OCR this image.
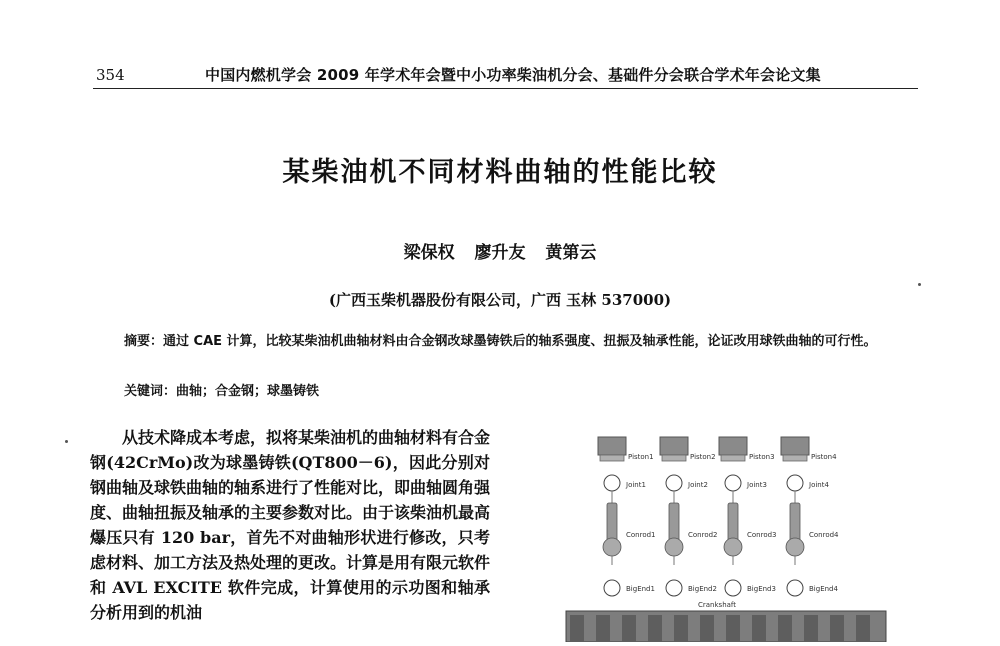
354	中国内燃机学会 2009 年学术年会暨中小功率柴油机分会、基础件分会联合学术年会论文集
某柴油机不同材料曲轴的性能比较
梁保权 廖升友 黄第云
(广西玉柴机器股份有限公司，广西 玉林 537000)
摘要：通过 CAE 计算，比较某柴油机曲轴材料由合金钢改球墨铸铁后的轴系强度、扭振及轴承性能，论证改用球铁曲轴的可行性。
关键词：曲轴；合金钢；球墨铸铁

从技术降成本考虑，拟将某柴油机的曲轴材料有合金钢(42CrMo)改为球墨铸铁(QT800－6)，因此分别对钢曲轴及球铁曲轴的轴系进行了性能对比，即曲轴圆角强度、曲轴扭振及轴承的主要参数对比。由于该柴油机最高爆压只有 120 bar，首先不对曲轴形状进行修改，只考虑材料、加工方法及热处理的更改。计算是用有限元软件和 AVL EXCITE 软件完成，计算使用的示功图和轴承分析用到的机油

Piston1
Joint1
Conrod1
BigEnd1
Piston2
Joint2
Conrod2
BigEnd2
Piston3
Joint3
Conrod3
BigEnd3
Piston4
Joint4
Conrod4
BigEnd4
Crankshaft
